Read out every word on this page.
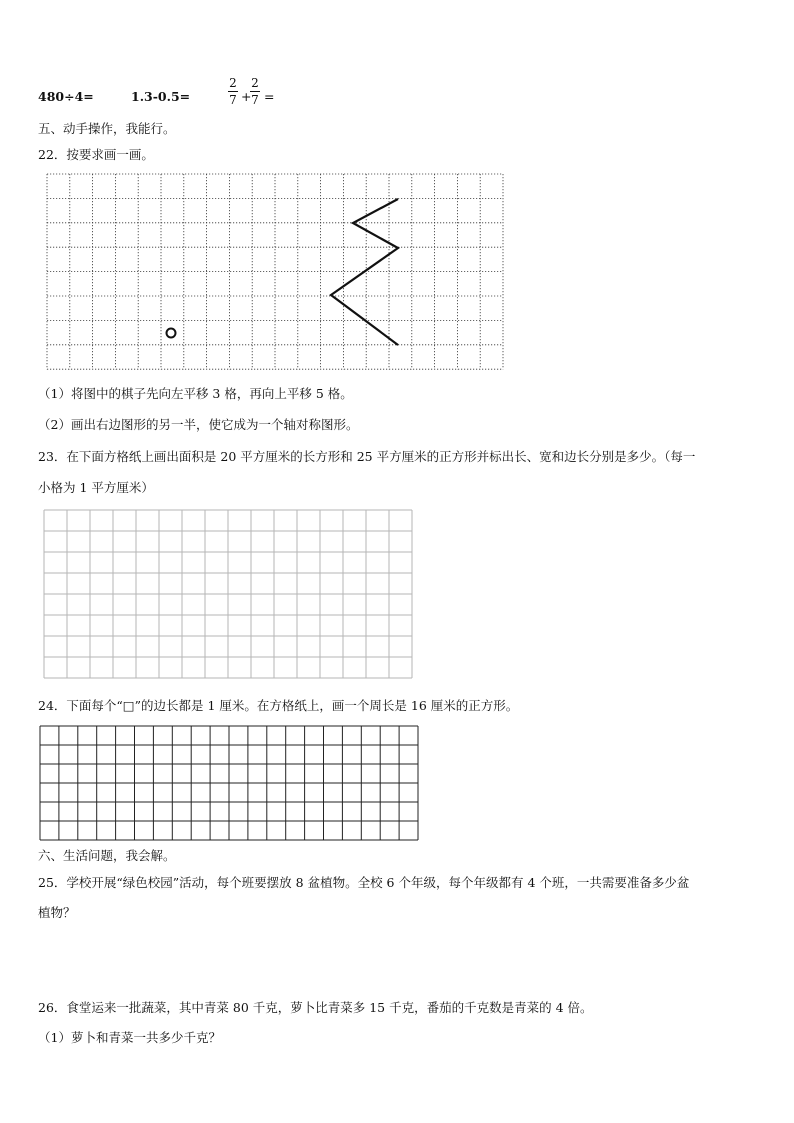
480÷4=	1.3-0.5=
2
7 +
2
7 =
五、动手操作，我能行。
22．按要求画一画。
（1）将图中的棋子先向左平移 3 格，再向上平移 5 格。
（2）画出右边图形的另一半，使它成为一个轴对称图形。
23．在下面方格纸上画出面积是 20 平方厘米的长方形和 25 平方厘米的正方形并标出长、宽和边长分别是多少。（每一
小格为 1 平方厘米）
24．下面每个“□”的边长都是 1 厘米。在方格纸上，画一个周长是 16 厘米的正方形。
六、生活问题，我会解。
25．学校开展“绿色校园”活动，每个班要摆放 8 盆植物。全校 6 个年级，每个年级都有 4 个班，一共需要准备多少盆
植物？
26．食堂运来一批蔬菜，其中青菜 80 千克，萝卜比青菜多 15 千克，番茄的千克数是青菜的 4 倍。
（1）萝卜和青菜一共多少千克？
